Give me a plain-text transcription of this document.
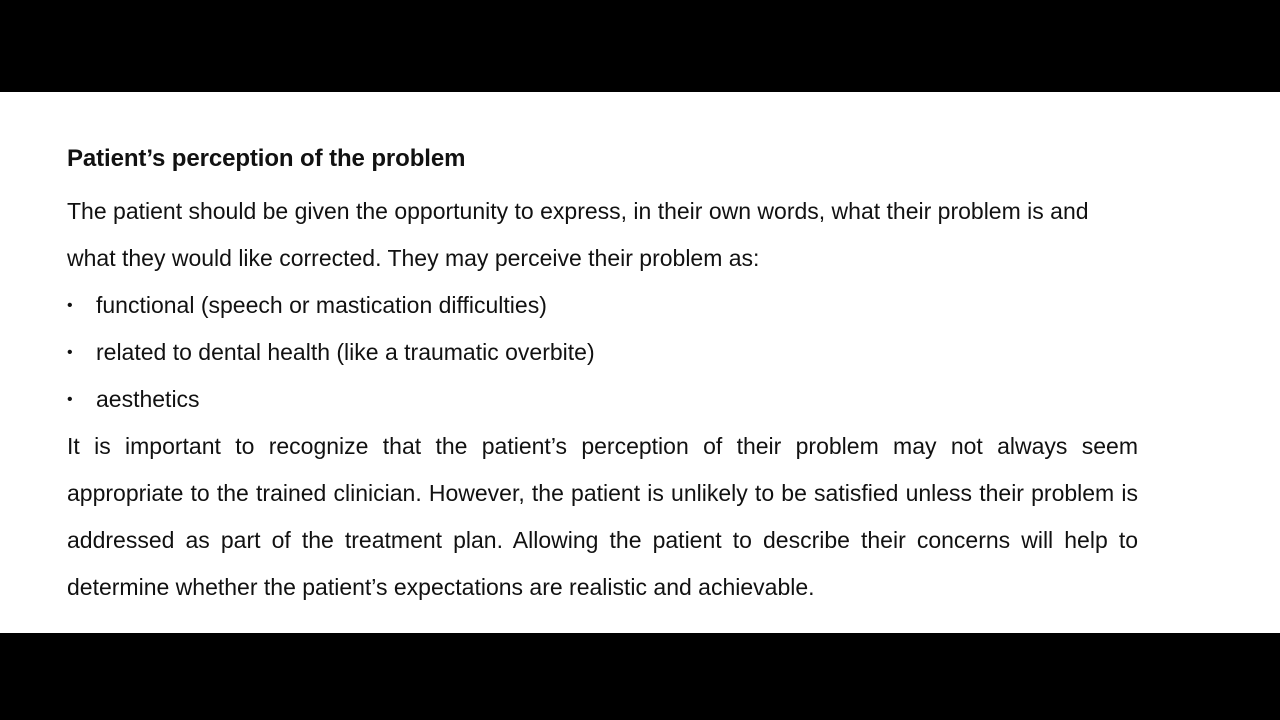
Patient’s perception of the problem

The patient should be given the opportunity to express, in their own words, what their problem is and what they would like corrected. They may perceive their problem as:

• functional (speech or mastication difficulties)
• related to dental health (like a traumatic overbite)
• aesthetics

It is important to recognize that the patient’s perception of their problem may not always seem appropriate to the trained clinician. However, the patient is unlikely to be satisfied unless their problem is addressed as part of the treatment plan. Allowing the patient to describe their concerns will help to determine whether the patient’s expectations are realistic and achievable.
